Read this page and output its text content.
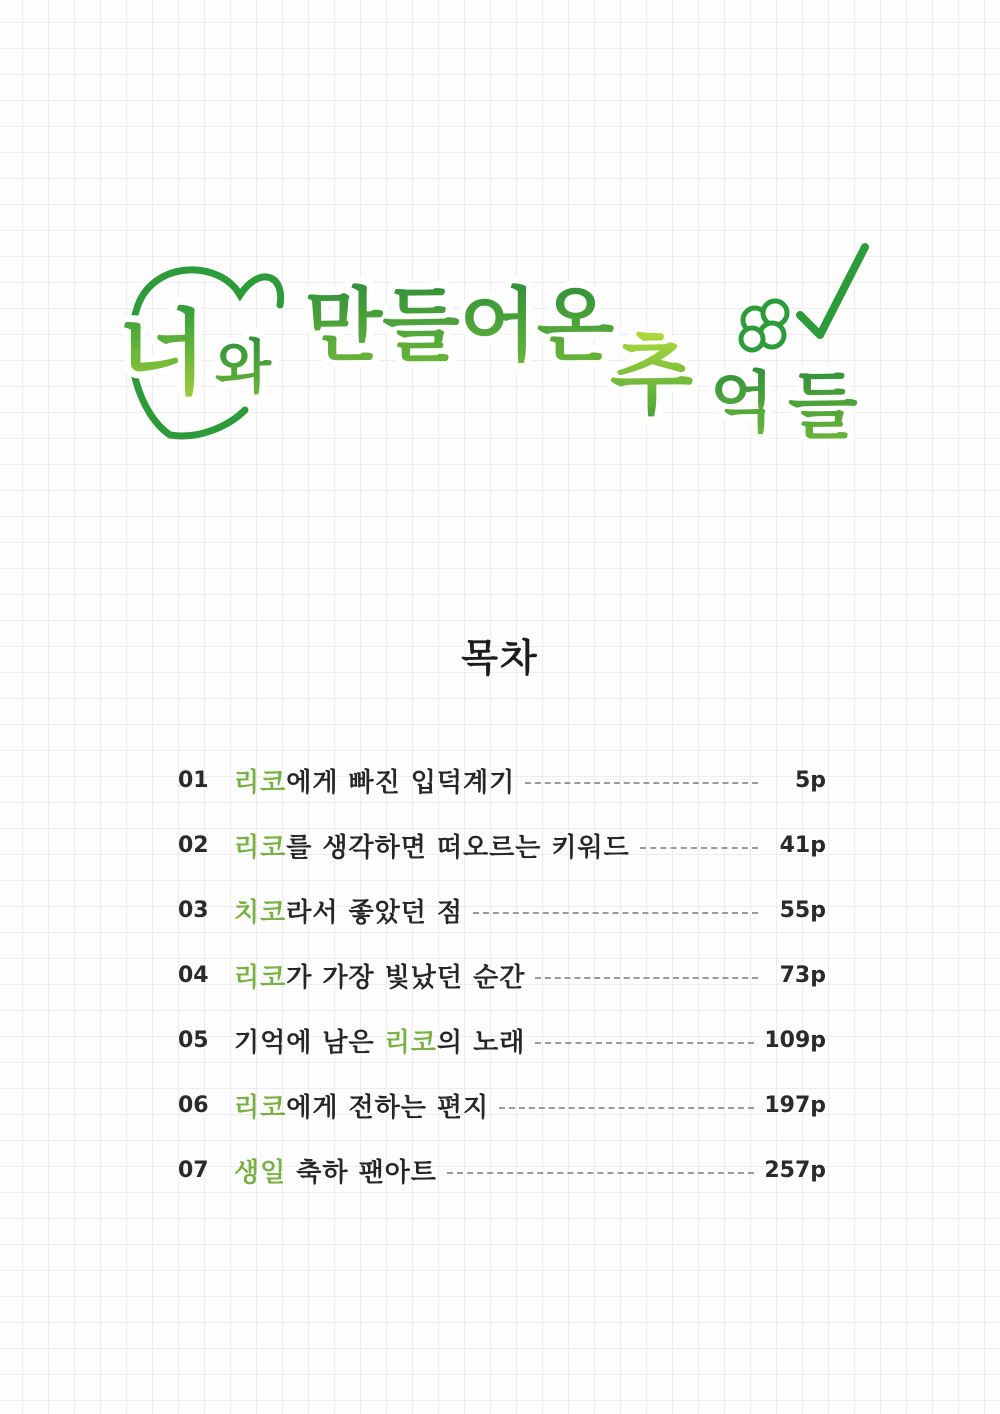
너 와 만들어온
추 억 들
목차
01 리코에게 빠진 입덕계기	5p
02 리코를 생각하면 떠오르는 키워드	41p
03 치코라서 좋았던 점	55p
04 리코가 가장 빛났던 순간	73p
05 기억에 남은 리코의 노래	109p
06 리코에게 전하는 편지	197p
07 생일 축하 팬아트	257p
